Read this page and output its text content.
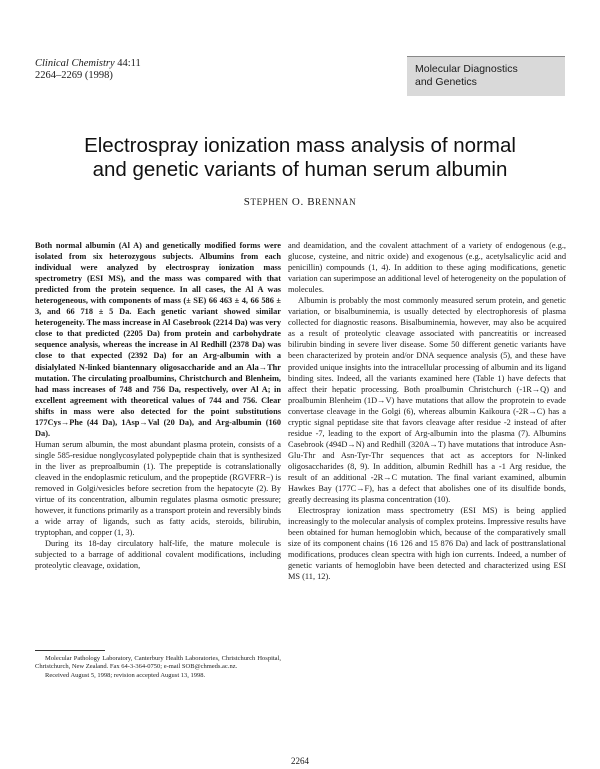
Clinical Chemistry 44:11
2264–2269 (1998)
Molecular Diagnostics
and Genetics
Electrospray ionization mass analysis of normal
and genetic variants of human serum albumin
STEPHEN O. BRENNAN

Both normal albumin (Al A) and genetically modified forms were isolated from six heterozygous subjects. Albumins from each individual were analyzed by electrospray ionization mass spectrometry (ESI MS), and the mass was compared with that predicted from the protein sequence. In all cases, the Al A was heterogeneous, with components of mass (± SE) 66 463 ± 4, 66 586 ± 3, and 66 718 ± 5 Da. Each genetic variant showed similar heterogeneity. The mass increase in Al Casebrook (2214 Da) was very close to that predicted (2205 Da) from protein and carbohydrate sequence analysis, whereas the increase in Al Redhill (2378 Da) was close to that expected (2392 Da) for an Arg-albumin with a disialylated N-linked biantennary oligosaccharide and an Ala→Thr mutation. The circulating proalbumins, Christchurch and Blenheim, had mass increases of 748 and 756 Da, respectively, over Al A; in excellent agreement with theoretical values of 744 and 756. Clear shifts in mass were also detected for the point substitutions 177Cys→Phe (44 Da), 1Asp→Val (20 Da), and Arg-albumin (160 Da).

Human serum albumin, the most abundant plasma protein, consists of a single 585-residue nonglycosylated polypeptide chain that is synthesized in the liver as preproalbumin (1). The prepeptide is cotranslationally cleaved in the endoplasmic reticulum, and the propeptide (RGVFRR−) is removed in Golgi/vesicles before secretion from the hepatocyte (2). By virtue of its concentration, albumin regulates plasma osmotic pressure; however, it functions primarily as a transport protein and reversibly binds a wide array of ligands, such as fatty acids, steroids, bilirubin, tryptophan, and copper (1, 3).

During its 18-day circulatory half-life, the mature molecule is subjected to a barrage of additional covalent modifications, including proteolytic cleavage, oxidation,

and deamidation, and the covalent attachment of a variety of endogenous (e.g., glucose, cysteine, and nitric oxide) and exogenous (e.g., acetylsalicylic acid and penicillin) compounds (1, 4). In addition to these aging modifications, genetic variation can superimpose an additional level of heterogeneity on the population of molecules.

Albumin is probably the most commonly measured serum protein, and genetic variation, or bisalbuminemia, is usually detected by electrophoresis of plasma collected for diagnostic reasons. Bisalbuminemia, however, may also be acquired as a result of proteolytic cleavage associated with pancreatitis or increased bilirubin binding in severe liver disease. Some 50 different genetic variants have been characterized by protein and/or DNA sequence analysis (5), and these have provided unique insights into the intracellular processing of albumin and its ligand binding sites. Indeed, all the variants examined here (Table 1) have defects that affect their hepatic processing. Both proalbumin Christchurch (-1R→Q) and proalbumin Blenheim (1D→V) have mutations that allow the proprotein to evade convertase cleavage in the Golgi (6), whereas albumin Kaikoura (-2R→C) has a cryptic signal peptidase site that favors cleavage after residue -2 instead of after residue -7, leading to the export of Arg-albumin into the plasma (7). Albumins Casebrook (494D→N) and Redhill (320A→T) have mutations that introduce Asn-Glu-Thr and Asn-Tyr-Thr sequences that act as acceptors for N-linked oligosaccharides (8, 9). In addition, albumin Redhill has a -1 Arg residue, the result of an additional -2R→C mutation. The final variant examined, albumin Hawkes Bay (177C→F), has a defect that abolishes one of its disulfide bonds, greatly decreasing its plasma concentration (10).

Electrospray ionization mass spectrometry (ESI MS) is being applied increasingly to the molecular analysis of complex proteins. Impressive results have been obtained for human hemoglobin which, because of the comparatively small size of its component chains (16 126 and 15 876 Da) and lack of posttranslational modifications, produces clean spectra with high ion currents. Indeed, a number of genetic variants of hemoglobin have been detected and characterized using ESI MS (11, 12).

Molecular Pathology Laboratory, Canterbury Health Laboratories, Christchurch Hospital, Christchurch, New Zealand. Fax 64-3-364-0750; e-mail SOB@chmeds.ac.nz.

Received August 5, 1998; revision accepted August 13, 1998.

2264
